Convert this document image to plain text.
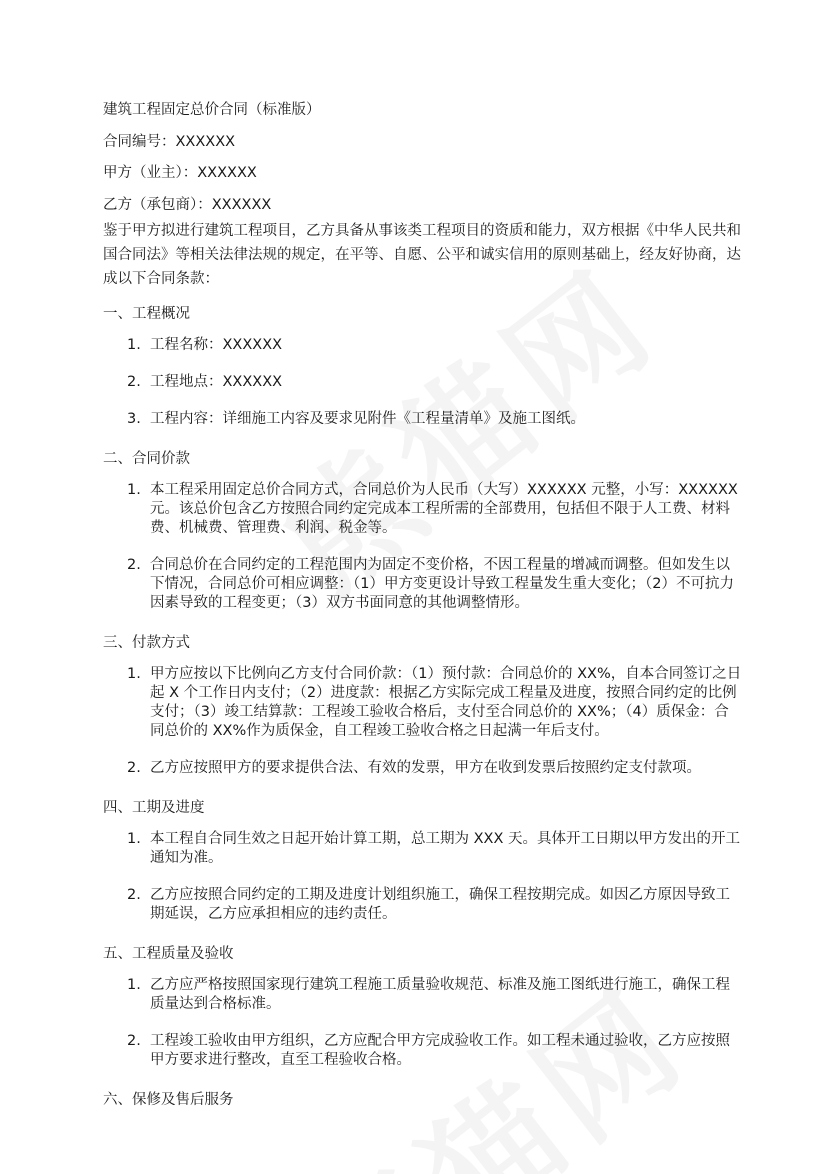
建筑工程固定总价合同（标准版）
合同编号：XXXXXX
甲方（业主）：XXXXXX
乙方（承包商）：XXXXXX

鉴于甲方拟进行建筑工程项目，乙方具备从事该类工程项目的资质和能力，双方根据《中华人民共和国合同法》等相关法律法规的规定，在平等、自愿、公平和诚实信用的原则基础上，经友好协商，达成以下合同条款：

一、工程概况
1. 工程名称：XXXXXX
2. 工程地点：XXXXXX
3. 工程内容：详细施工内容及要求见附件《工程量清单》及施工图纸。
二、合同价款
1. 本工程采用固定总价合同方式，合同总价为人民币（大写）XXXXXX 元整，小写：XXXXXX 元。该总价包含乙方按照合同约定完成本工程所需的全部费用，包括但不限于人工费、材料费、机械费、管理费、利润、税金等。
2. 合同总价在合同约定的工程范围内为固定不变价格，不因工程量的增减而调整。但如发生以下情况，合同总价可相应调整：（1）甲方变更设计导致工程量发生重大变化；（2）不可抗力因素导致的工程变更；（3）双方书面同意的其他调整情形。
三、付款方式
1. 甲方应按以下比例向乙方支付合同价款：（1）预付款：合同总价的 XX%，自本合同签订之日起 X 个工作日内支付；（2）进度款：根据乙方实际完成工程量及进度，按照合同约定的比例支付；（3）竣工结算款：工程竣工验收合格后，支付至合同总价的 XX%；（4）质保金：合同总价的 XX%作为质保金，自工程竣工验收合格之日起满一年后支付。
2. 乙方应按照甲方的要求提供合法、有效的发票，甲方在收到发票后按照约定支付款项。
四、工期及进度
1. 本工程自合同生效之日起开始计算工期，总工期为 XXX 天。具体开工日期以甲方发出的开工通知为准。
2. 乙方应按照合同约定的工期及进度计划组织施工，确保工程按期完成。如因乙方原因导致工期延误，乙方应承担相应的违约责任。
五、工程质量及验收
1. 乙方应严格按照国家现行建筑工程施工质量验收规范、标准及施工图纸进行施工，确保工程质量达到合格标准。
2. 工程竣工验收由甲方组织，乙方应配合甲方完成验收工作。如工程未通过验收，乙方应按照甲方要求进行整改，直至工程验收合格。
六、保修及售后服务
